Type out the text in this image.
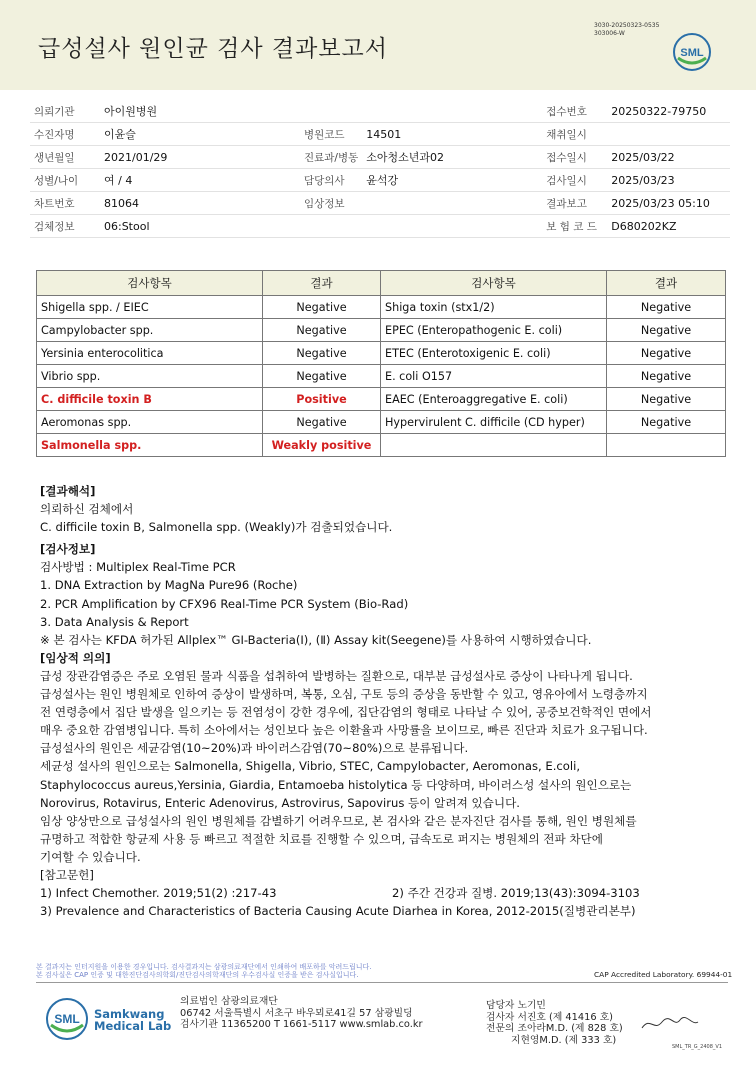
급성설사 원인균 검사 결과보고서
3030-20250323-0535
303006-W
SML
의뢰기관	아이원병원			접수번호	20250322-79750
수진자명	이윤슬	병원코드	14501	채취일시	
생년월일	2021/01/29	진료과/병동	소아청소년과02	접수일시	2025/03/22
성별/나이	여 / 4	담당의사	윤석강	검사일시	2025/03/23
차트번호	81064	임상정보		결과보고	2025/03/23 05:10
검체정보	06:Stool			보 험 코 드	D680202KZ
검사항목	결과	검사항목	결과
Shigella spp. / EIEC	Negative	Shiga toxin (stx1/2)	Negative
Campylobacter spp.	Negative	EPEC (Enteropathogenic E. coli)	Negative
Yersinia enterocolitica	Negative	ETEC (Enterotoxigenic E. coli)	Negative
Vibrio spp.	Negative	E. coli O157	Negative
C. difficile toxin B	Positive	EAEC (Enteroaggregative E. coli)	Negative
Aeromonas spp.	Negative	Hypervirulent C. difficile (CD hyper)	Negative
Salmonella spp.	Weakly positive		

[결과해석]

의뢰하신 검체에서

C. difficile toxin B, Salmonella spp. (Weakly)가 검출되었습니다.

[검사정보]

검사방법 : Multiplex Real-Time PCR

1. DNA Extraction by MagNa Pure96 (Roche)

2. PCR Amplification by CFX96 Real-Time PCR System (Bio-Rad)

3. Data Analysis & Report

※ 본 검사는 KFDA 허가된 Allplex™ GI-Bacteria(Ⅰ), (Ⅱ) Assay kit(Seegene)를 사용하여 시행하였습니다.

[임상적 의의]

급성 장관감염증은 주로 오염된 물과 식품을 섭취하여 발병하는 질환으로, 대부분 급성설사로 증상이 나타나게 됩니다.

급성설사는 원인 병원체로 인하여 증상이 발생하며, 복통, 오심, 구토 등의 증상을 동반할 수 있고, 영유아에서 노령층까지

전 연령층에서 집단 발생을 일으키는 등 전염성이 강한 경우에, 집단감염의 형태로 나타날 수 있어, 공중보건학적인 면에서

매우 중요한 감염병입니다. 특히 소아에서는 성인보다 높은 이환율과 사망률을 보이므로, 빠른 진단과 치료가 요구됩니다.

급성설사의 원인은 세균감염(10~20%)과 바이러스감염(70~80%)으로 분류됩니다.

세균성 설사의 원인으로는 Salmonella, Shigella, Vibrio, STEC, Campylobacter, Aeromonas, E.coli,

Staphylococcus aureus,Yersinia, Giardia, Entamoeba histolytica 등 다양하며, 바이러스성 설사의 원인으로는

Norovirus, Rotavirus, Enteric Adenovirus, Astrovirus, Sapovirus 등이 알려져 있습니다.

임상 양상만으로 급성설사의 원인 병원체를 감별하기 어려우므로, 본 검사와 같은 분자진단 검사를 통해, 원인 병원체를

규명하고 적합한 항균제 사용 등 빠르고 적절한 치료를 진행할 수 있으며, 급속도로 퍼지는 병원체의 전파 차단에

기여할 수 있습니다.

[참고문헌]

1) Infect Chemother. 2019;51(2) :217-43	2) 주간 건강과 질병. 2019;13(43):3094-3103

3) Prevalence and Characteristics of Bacteria Causing Acute Diarhea in Korea, 2012-2015(질병관리본부)

본 결과지는 인터지원을 이용한 경우입니다. 검사결과지는 삼광의료재단에서 인쇄하여 배포하를 악려드립니다.

본 검사실은 CAP 인증 및 대한진단검사의학회/진단검사의학재단의 우수검사실 인증을 받은 검사실입니다.	CAP Accredited Laboratory. 69944-01
SML Samkwang
Medical Lab

의료법인 삼광의료재단

06742 서울특별시 서초구 바우뫼로41길 57 삼광빌딩

검사기관 11365200 T 1661-5117 www.smlab.co.kr

담당자 노기민

검사자 서진호 (제 41416 호)

전문의 조아라M.D. (제 828 호)

지현영M.D. (제 333 호)

SML_TR_G_2408_V1
